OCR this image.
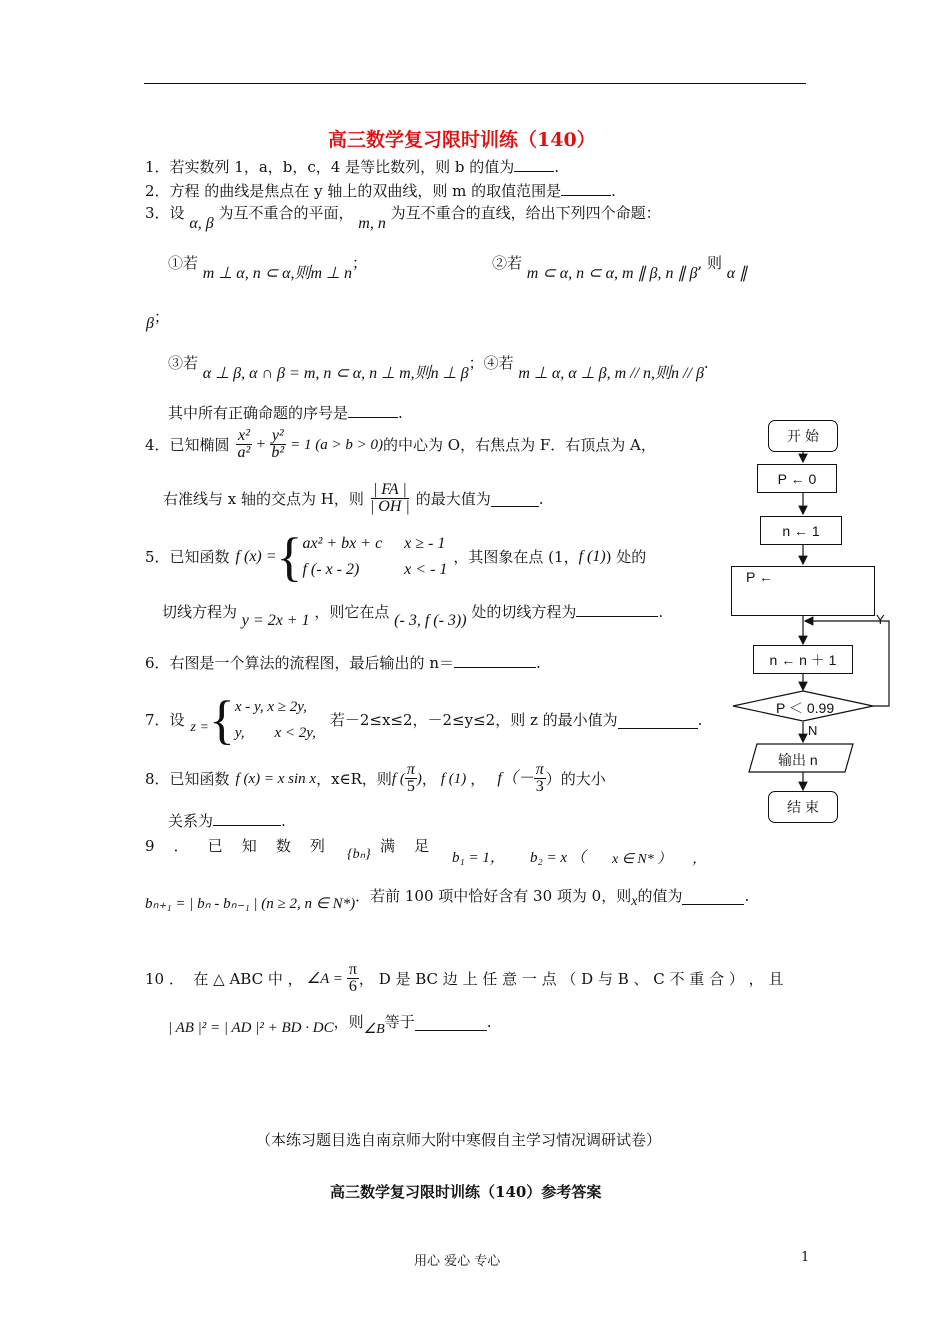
高三数学复习限时训练（140）
1．若实数列 1，a，b，c，4 是等比数列，则 b 的值为	.
2．方程 的曲线是焦点在 y 轴上的双曲线，则 m 的取值范围是	.
3．设 α, β 为互不重合的平面， m, n 为互不重合的直线，给出下列四个命题：
①若 m ⊥ α, n ⊂ α,则m ⊥ n；	②若 m ⊂ α, n ⊂ α, m ∥ β, n ∥ β, 则 α ∥
β；
③若 α ⊥ β, α ∩ β = m, n ⊂ α, n ⊥ m,则n ⊥ β；④若 m ⊥ α, α ⊥ β, m // n,则n // β.
其中所有正确命题的序号是	.
4．已知椭圆 $\frac{\text{x²}}{\text{a²}} + \frac{\text{y²}}{\text{b²}} = 1$ (a > b > 0) 的中心为 O，右焦点为 F．右顶点为 A，
右准线与 x 轴的交点为 H，则 $\frac{| FA |}{| OH |}$ 的最大值为	.
5．已知函数 f (x) = { ax² + bx + c x ≥ - 1
f (- x - 2)	x < - 1
，其图象在点 (1， f (1) ) 处的
切线方程为 y = 2x + 1 ，则它在点 (- 3, f (- 3)) 处的切线方程为	.
6．右图是一个算法的流程图，最后输出的 n＝	.
7．设 z = { x - y, x ≥ 2y,
y,        x < 2y,
若－2≤x≤2，－2≤y≤2，则 z 的最小值为	.
8．已知函数 f (x) = x sin x ，x∈R，则 f ( $\frac{\pi}{5}$ ) ， f (1) ， $f(- \frac{\pi}{3}$ ）的大小
关系为	.
9    ．    已    知    数    列 {bₙ} 满    足
b₁ = 1， b₂ = x （ x ∈ N* ）      ，
bₙ₊₁ = | bₙ - bₙ₋₁ | (n ≥ 2, n ∈ N*) ．若前 100 项中恰好含有 30 项为 0，则 x 的值为	.
10 ．  在 △ ABC 中 ， ∠A = $\frac{\pi}{6}$ ， D 是 BC 边 上 任 意 一 点 （ D 与 B 、 C 不 重 合 ） ， 且
| AB |² = | AD |² + BD · DC ，则 ∠B 等于	.
（本练习题目选自南京师大附中寒假自主学习情况调研试卷）
高三数学复习限时训练（140）参考答案
用心 爱心 专心	1
开 始
P ← 0
n ← 1
P ←
Y
n ← n ＋ 1
P ＜ 0.99
N
输出 n
结 束
